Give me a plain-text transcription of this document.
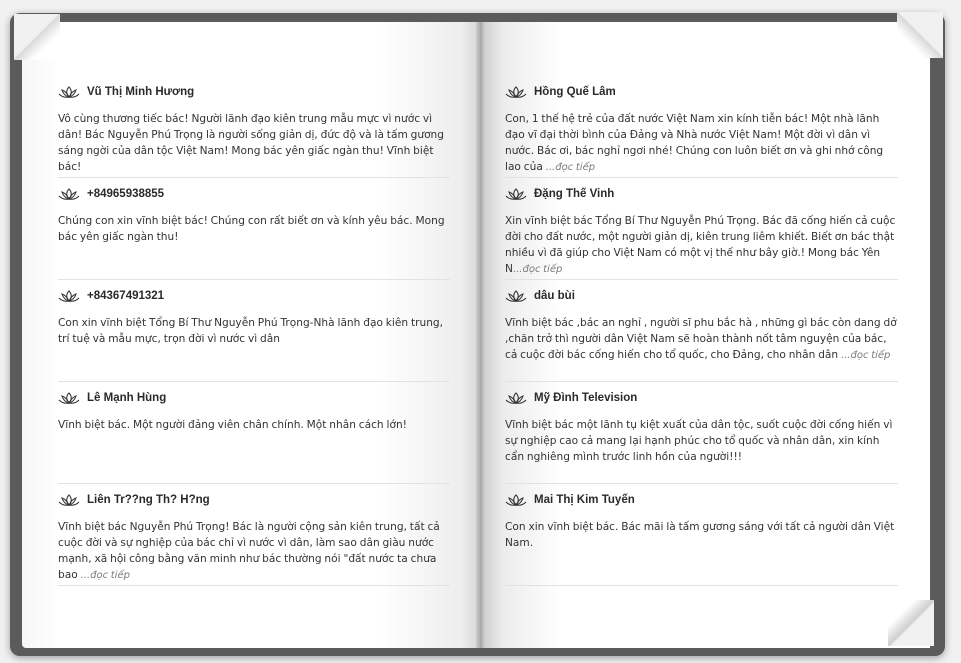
Vũ Thị Minh Hương
Vô cùng thương tiếc bác! Người lãnh đạo kiên trung mẫu mực vì nước vì dân! Bác Nguyễn Phú Trọng là người sống giản dị, đức độ và là tấm gương sáng ngời của dân tộc Việt Nam! Mong bác yên giấc ngàn thu! Vĩnh biệt bác!
+84965938855
Chúng con xin vĩnh biệt bác! Chúng con rất biết ơn và kính yêu bác. Mong bác yên giấc ngàn thu!
+84367491321
Con xin vĩnh biệt Tổng Bí Thư Nguyễn Phú Trọng-Nhà lãnh đạo kiên trung, trí tuệ và mẫu mực, trọn đời vì nước vì dân
Lê Mạnh Hùng
Vĩnh biệt bác. Một người đảng viên chân chính. Một nhân cách lớn!
Liên Tr??ng Th? H?ng
Vĩnh biệt bác Nguyễn Phú Trọng! Bác là người cộng sản kiên trung, tất cả cuộc đời và sự nghiệp của bác chỉ vì nước vì dân, làm sao dân giàu nước mạnh, xã hội công bằng văn minh như bác thường nói "đất nước ta chưa bao ...đọc tiếp
Hồng Quế Lâm
Con, 1 thế hệ trẻ của đất nước Việt Nam xin kính tiễn bác! Một nhà lãnh đạo vĩ đại thời bình của Đảng và Nhà nước Việt Nam! Một đời vì dân vì nước. Bác ơi, bác nghỉ ngơi nhé! Chúng con luôn biết ơn và ghi nhớ công lao của ...đọc tiếp
Đặng Thế Vinh
Xin vĩnh biệt bác Tổng Bí Thư Nguyễn Phú Trọng. Bác đã cống hiến cả cuộc đời cho đất nước, một người giản dị, kiên trung liêm khiết. Biết ơn bác thật nhiều vì đã giúp cho Việt Nam có một vị thế như bây giờ.! Mong bác Yên N...đọc tiếp
dâu bùi
Vĩnh biệt bác ,bác an nghỉ , người sĩ phu bắc hà , những gì bác còn dang dở ,chăn trở thì người dân Việt Nam sẽ hoàn thành nốt tâm nguyện của bác, cả cuộc đời bác cống hiến cho tổ quốc, cho Đảng, cho nhân dân ...đọc tiếp
Mỹ Đình Television
Vĩnh biệt bác một lãnh tụ kiệt xuất của dân tộc, suốt cuộc đời cống hiến vì sự nghiệp cao cả mang lại hạnh phúc cho tổ quốc và nhân dân, xin kính cẩn nghiêng mình trước linh hồn của người!!!
Mai Thị Kim Tuyến
Con xin vĩnh biệt bác. Bác mãi là tấm gương sáng với tất cả người dân Việt Nam.
